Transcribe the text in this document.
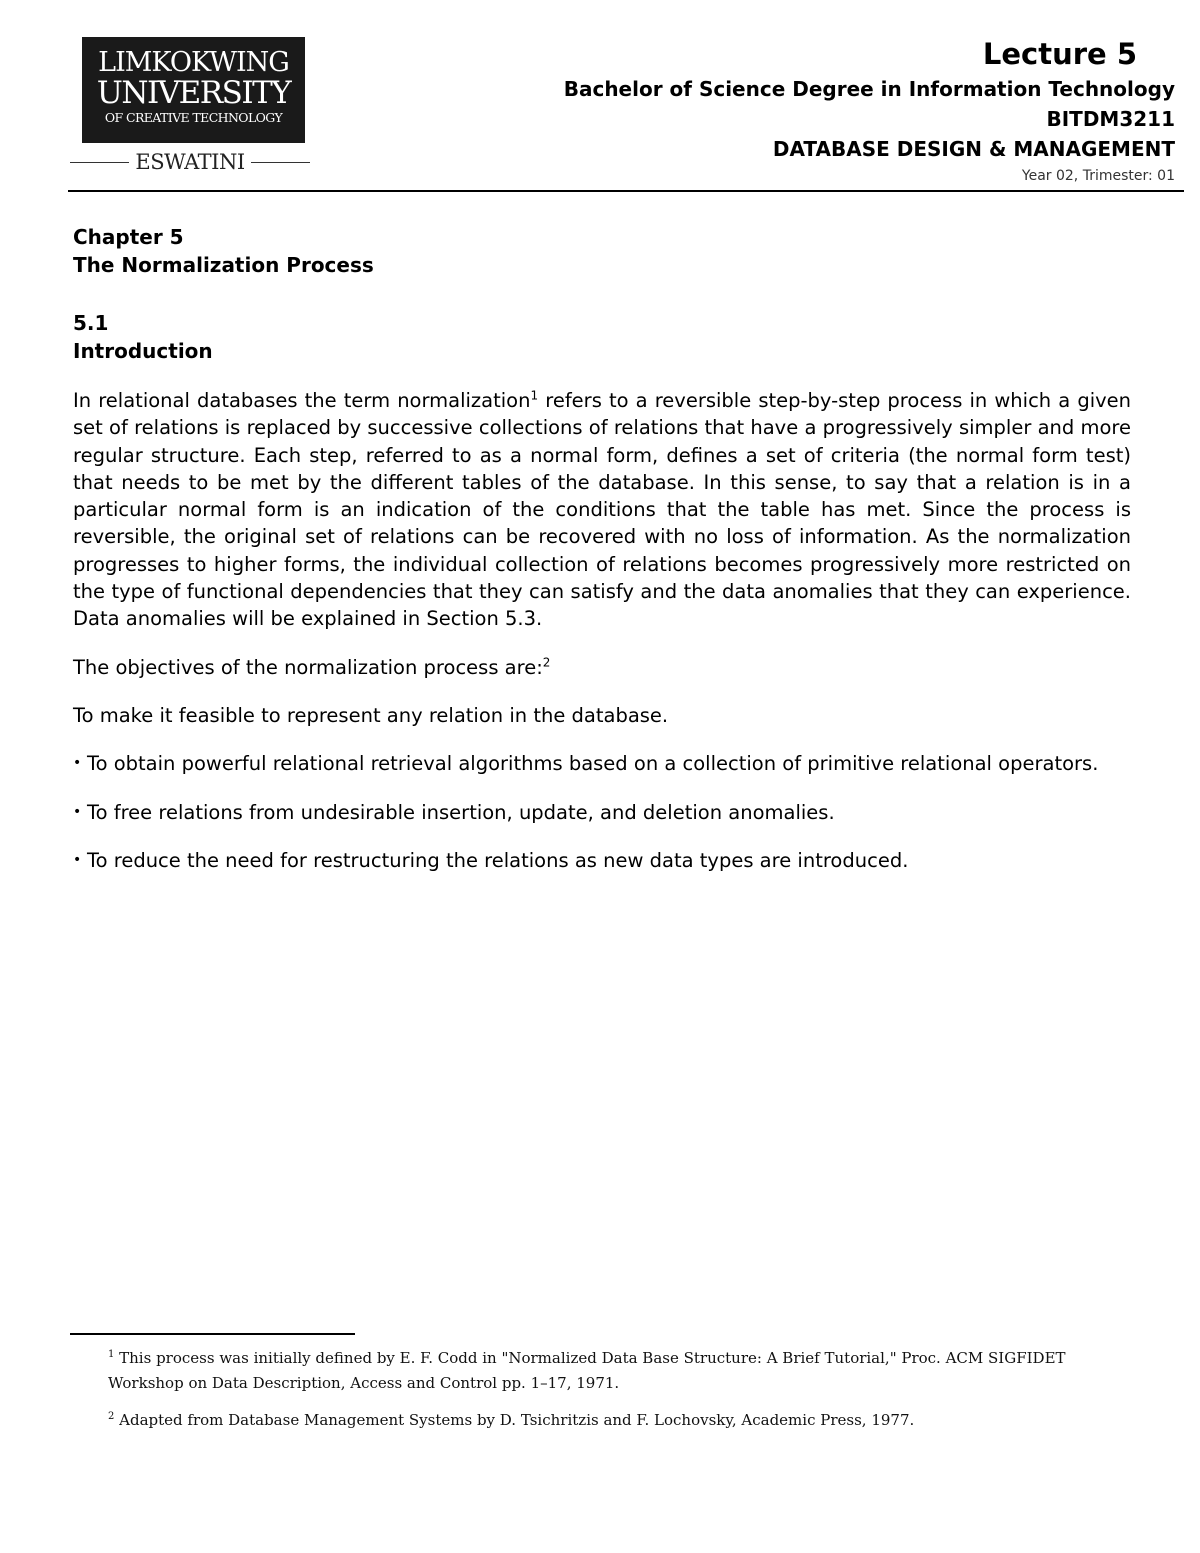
LIMKOKWING
UNIVERSITY
OF CREATIVE TECHNOLOGY
ESWATINI
Lecture 5
Bachelor of Science Degree in Information Technology
BITDM3211
DATABASE DESIGN & MANAGEMENT
Year 02, Trimester: 01
Chapter 5
The Normalization Process
5.1
Introduction

In relational databases the term normalization$^1$ refers to a reversible step-by-step process in which a given set of relations is replaced by successive collections of relations that have a progressively simpler and more regular structure. Each step, referred to as a normal form, defines a set of criteria (the normal form test) that needs to be met by the different tables of the database. In this sense, to say that a relation is in a particular normal form is an indication of the conditions that the table has met. Since the process is reversible, the original set of relations can be recovered with no loss of information. As the normalization progresses to higher forms, the individual collection of relations becomes progressively more restricted on the type of functional dependencies that they can satisfy and the data anomalies that they can experience. Data anomalies will be explained in Section 5.3.

The objectives of the normalization process are:$^2$

To make it feasible to represent any relation in the database.

• To obtain powerful relational retrieval algorithms based on a collection of primitive relational operators.
• To free relations from undesirable insertion, update, and deletion anomalies.
• To reduce the need for restructuring the relations as new data types are introduced.
$^1$ This process was initially defined by E. F. Codd in "Normalized Data Base Structure: A Brief Tutorial," Proc. ACM SIGFIDET Workshop on Data Description, Access and Control pp. 1–17, 1971.
$^2$ Adapted from Database Management Systems by D. Tsichritzis and F. Lochovsky, Academic Press, 1977.
